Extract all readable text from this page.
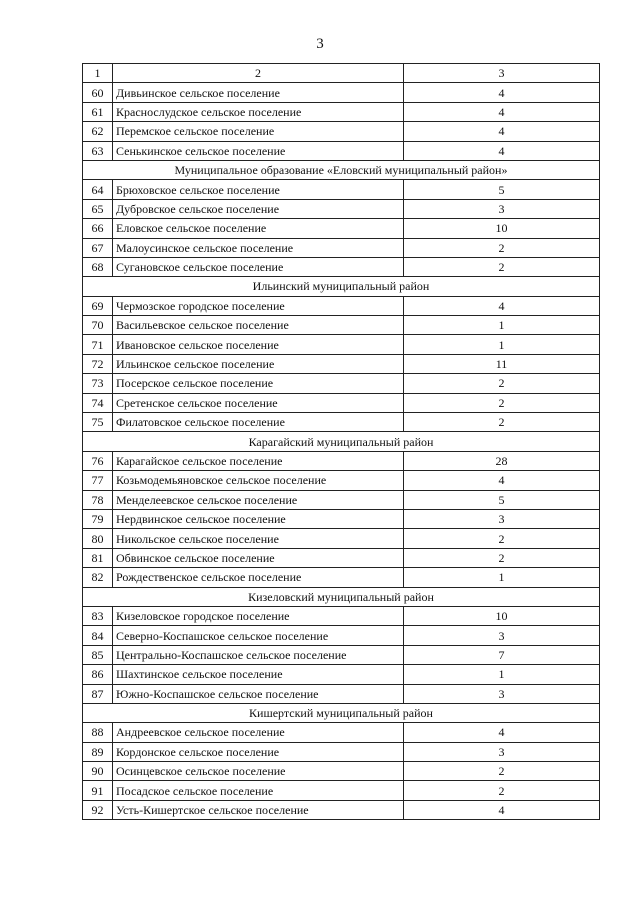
3
1	2	3
60	Дивьинское сельское поселение	4
61	Краснослудское сельское поселение	4
62	Перемское сельское поселение	4
63	Сенькинское сельское поселение	4
Муниципальное образование «Еловский муниципальный район»		
64	Брюховское сельское поселение	5
65	Дубровское сельское поселение	3
66	Еловское сельское поселение	10
67	Малоусинское сельское поселение	2
68	Сугановское сельское поселение	2
Ильинский муниципальный район		
69	Чермозское городское поселение	4
70	Васильевское сельское поселение	1
71	Ивановское сельское поселение	1
72	Ильинское сельское поселение	11
73	Посерское сельское поселение	2
74	Сретенское сельское поселение	2
75	Филатовское сельское поселение	2
Карагайский муниципальный район		
76	Карагайское сельское поселение	28
77	Козьмодемьяновское сельское поселение	4
78	Менделеевское сельское поселение	5
79	Нердвинское сельское поселение	3
80	Никольское сельское поселение	2
81	Обвинское сельское поселение	2
82	Рождественское сельское поселение	1
Кизеловский муниципальный район		
83	Кизеловское городское поселение	10
84	Северно-Коспашское сельское поселение	3
85	Центрально-Коспашское сельское поселение	7
86	Шахтинское сельское поселение	1
87	Южно-Коспашское сельское поселение	3
Кишертский муниципальный район		
88	Андреевское сельское поселение	4
89	Кордонское сельское поселение	3
90	Осинцевское сельское поселение	2
91	Посадское сельское поселение	2
92	Усть-Кишертское сельское поселение	4
